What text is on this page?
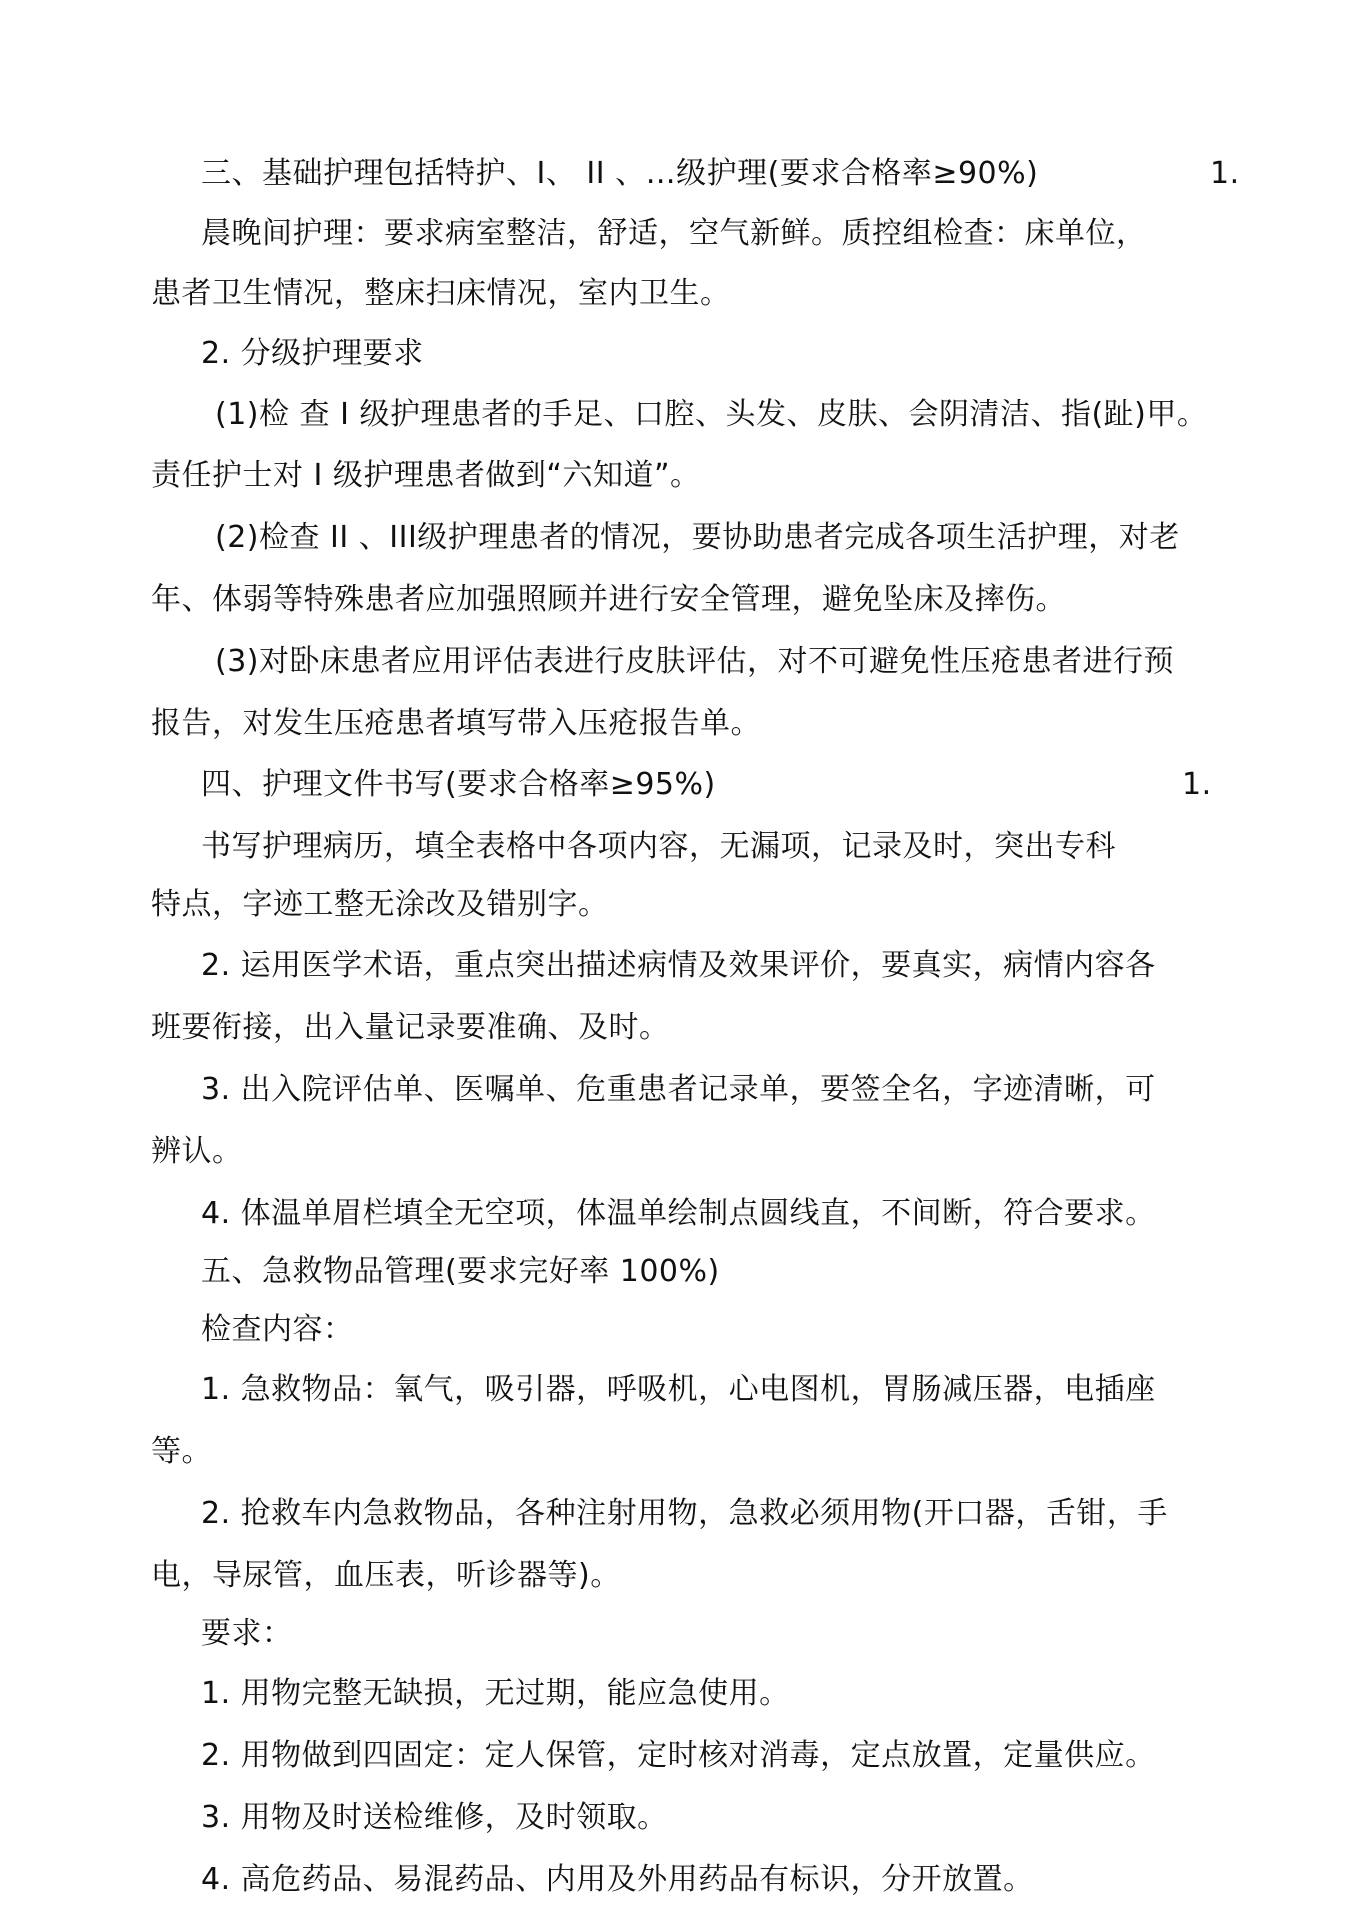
三、基础护理包括特护、I、 II 、…级护理(要求合格率≥90%)	1.
晨晚间护理：要求病室整洁，舒适，空气新鲜。质控组检查：床单位，
患者卫生情况，整床扫床情况，室内卫生。
2. 分级护理要求
(1)检 查 I 级护理患者的手足、口腔、头发、皮肤、会阴清洁、指(趾)甲。
责任护士对 I 级护理患者做到“六知道”。
(2)检查 II 、III级护理患者的情况，要协助患者完成各项生活护理，对老
年、体弱等特殊患者应加强照顾并进行安全管理，避免坠床及摔伤。
(3)对卧床患者应用评估表进行皮肤评估，对不可避免性压疮患者进行预
报告，对发生压疮患者填写带入压疮报告单。
四、护理文件书写(要求合格率≥95%)	1.
书写护理病历，填全表格中各项内容，无漏项，记录及时，突出专科
特点，字迹工整无涂改及错别字。
2. 运用医学术语，重点突出描述病情及效果评价，要真实，病情内容各
班要衔接，出入量记录要准确、及时。
3. 出入院评估单、医嘱单、危重患者记录单，要签全名，字迹清晰，可
辨认。
4. 体温单眉栏填全无空项，体温单绘制点圆线直，不间断，符合要求。
五、急救物品管理(要求完好率 100%)
检查内容：
1. 急救物品：氧气，吸引器，呼吸机，心电图机，胃肠减压器，电插座
等。
2. 抢救车内急救物品，各种注射用物，急救必须用物(开口器，舌钳，手
电，导尿管，血压表，听诊器等)。
要求：
1. 用物完整无缺损，无过期，能应急使用。
2. 用物做到四固定：定人保管，定时核对消毒，定点放置，定量供应。
3. 用物及时送检维修，及时领取。
4. 高危药品、易混药品、内用及外用药品有标识，分开放置。
